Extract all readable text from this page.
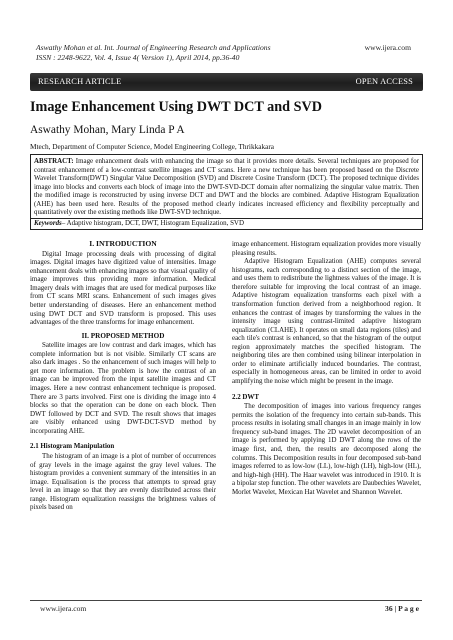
Aswathy Mohan et al. Int. Journal of Engineering Research and Applications
ISSN : 2248-9622, Vol. 4, Issue 4( Version 1), April 2014, pp.36-40
www.ijera.com
RESEARCH ARTICLE	OPEN ACCESS
Image Enhancement Using DWT DCT and SVD
Aswathy Mohan, Mary Linda P A
Mtech, Department of Computer Science, Model Engineering College, Thrikkakara
ABSTRACT: Image enhancement deals with enhancing the image so that it provides more details. Several techniques are proposed for contrast enhancement of a low-contrast satellite images and CT scans. Here a new technique has been proposed based on the Discrete Wavelet Transform(DWT) Singular Value Decomposition (SVD) and Discrete Cosine Transform (DCT). The proposed technique divides image into blocks and converts each block of image into the DWT-SVD-DCT domain after normalizing the singular value matrix. Then the modified image is reconstructed by using inverse DCT and DWT and the blocks are combined. Adaptive Histogram Equalization (AHE) has been used here. Results of the proposed method clearly indicates increased efficiency and flexibility perceptually and quantitatively over the existing methods like DWT-SVD technique.
Keywords– Adaptive histogram, DCT, DWT, Histogram Equalization, SVD
I. INTRODUCTION

Digital Image processing deals with processing of digital images. Digital images have digitized value of intensities. Image enhancement deals with enhancing images so that visual quality of image improves thus providing more information. Medical Imagery deals with images that are used for medical purposes like from CT scans MRI scans. Enhancement of such images gives better understanding of diseases. Here an enhancement method using DWT DCT and SVD transform is proposed. This uses advantages of the three transforms for image enhancement.

II. PROPOSED METHOD

Satellite images are low contrast and dark images, which has complete information but is not visible. Similarly CT scans are also dark images . So the enhancement of such images will help to get more information. The problem is how the contrast of an image can be improved from the input satellite images and CT images. Here a new contrast enhancement technique is proposed. There are 3 parts involved. First one is dividing the image into 4 blocks so that the operation can be done on each block. Then DWT followed by DCT and SVD. The result shows that images are visibly enhanced using DWT-DCT-SVD method by incorporating AHE.

2.1 Histogram Manipulation

The histogram of an image is a plot of number of occurrences of gray levels in the image against the gray level values. The histogram provides a convenient summary of the intensities in an image. Equalisation is the process that attempts to spread gray level in an image so that they are evenly distributed across their range. Histogram equalization reassigns the brightness values of pixels based on

image enhancement. Histogram equalization provides more visually pleasing results.

Adaptive Histogram Equalization (AHE) computes several histograms, each corresponding to a distinct section of the image, and uses them to redistribute the lightness values of the image. It is therefore suitable for improving the local contrast of an image. Adaptive histogram equalization transforms each pixel with a transformation function derived from a neighborhood region. It enhances the contrast of images by transforming the values in the intensity image using contrast-limited adaptive histogram equalization (CLAHE). It operates on small data regions (tiles) and each tile's contrast is enhanced, so that the histogram of the output region approximately matches the specified histogram. The neighboring tiles are then combined using bilinear interpolation in order to eliminate artificially induced boundaries. The contrast, especially in homogeneous areas, can be limited in order to avoid amplifying the noise which might be present in the image.

2.2 DWT

The decomposition of images into various frequency ranges permits the isolation of the frequency into certain sub-bands. This process results in isolating small changes in an image mainly in low frequency sub-band images. The 2D wavelet decomposition of an image is performed by applying 1D DWT along the rows of the image first, and, then, the results are decomposed along the columns. This Decomposition results in four decomposed sub-band images referred to as low-low (LL), low-high (LH), high-low (HL), and high-high (HH). The Haar wavelet was introduced in 1910. It is a bipolar step function. The other wavelets are Daubechies Wavelet, Morlet Wavelet, Mexican Hat Wavelet and Shannon Wavelet.

www.ijera.com	36 | P a g e
